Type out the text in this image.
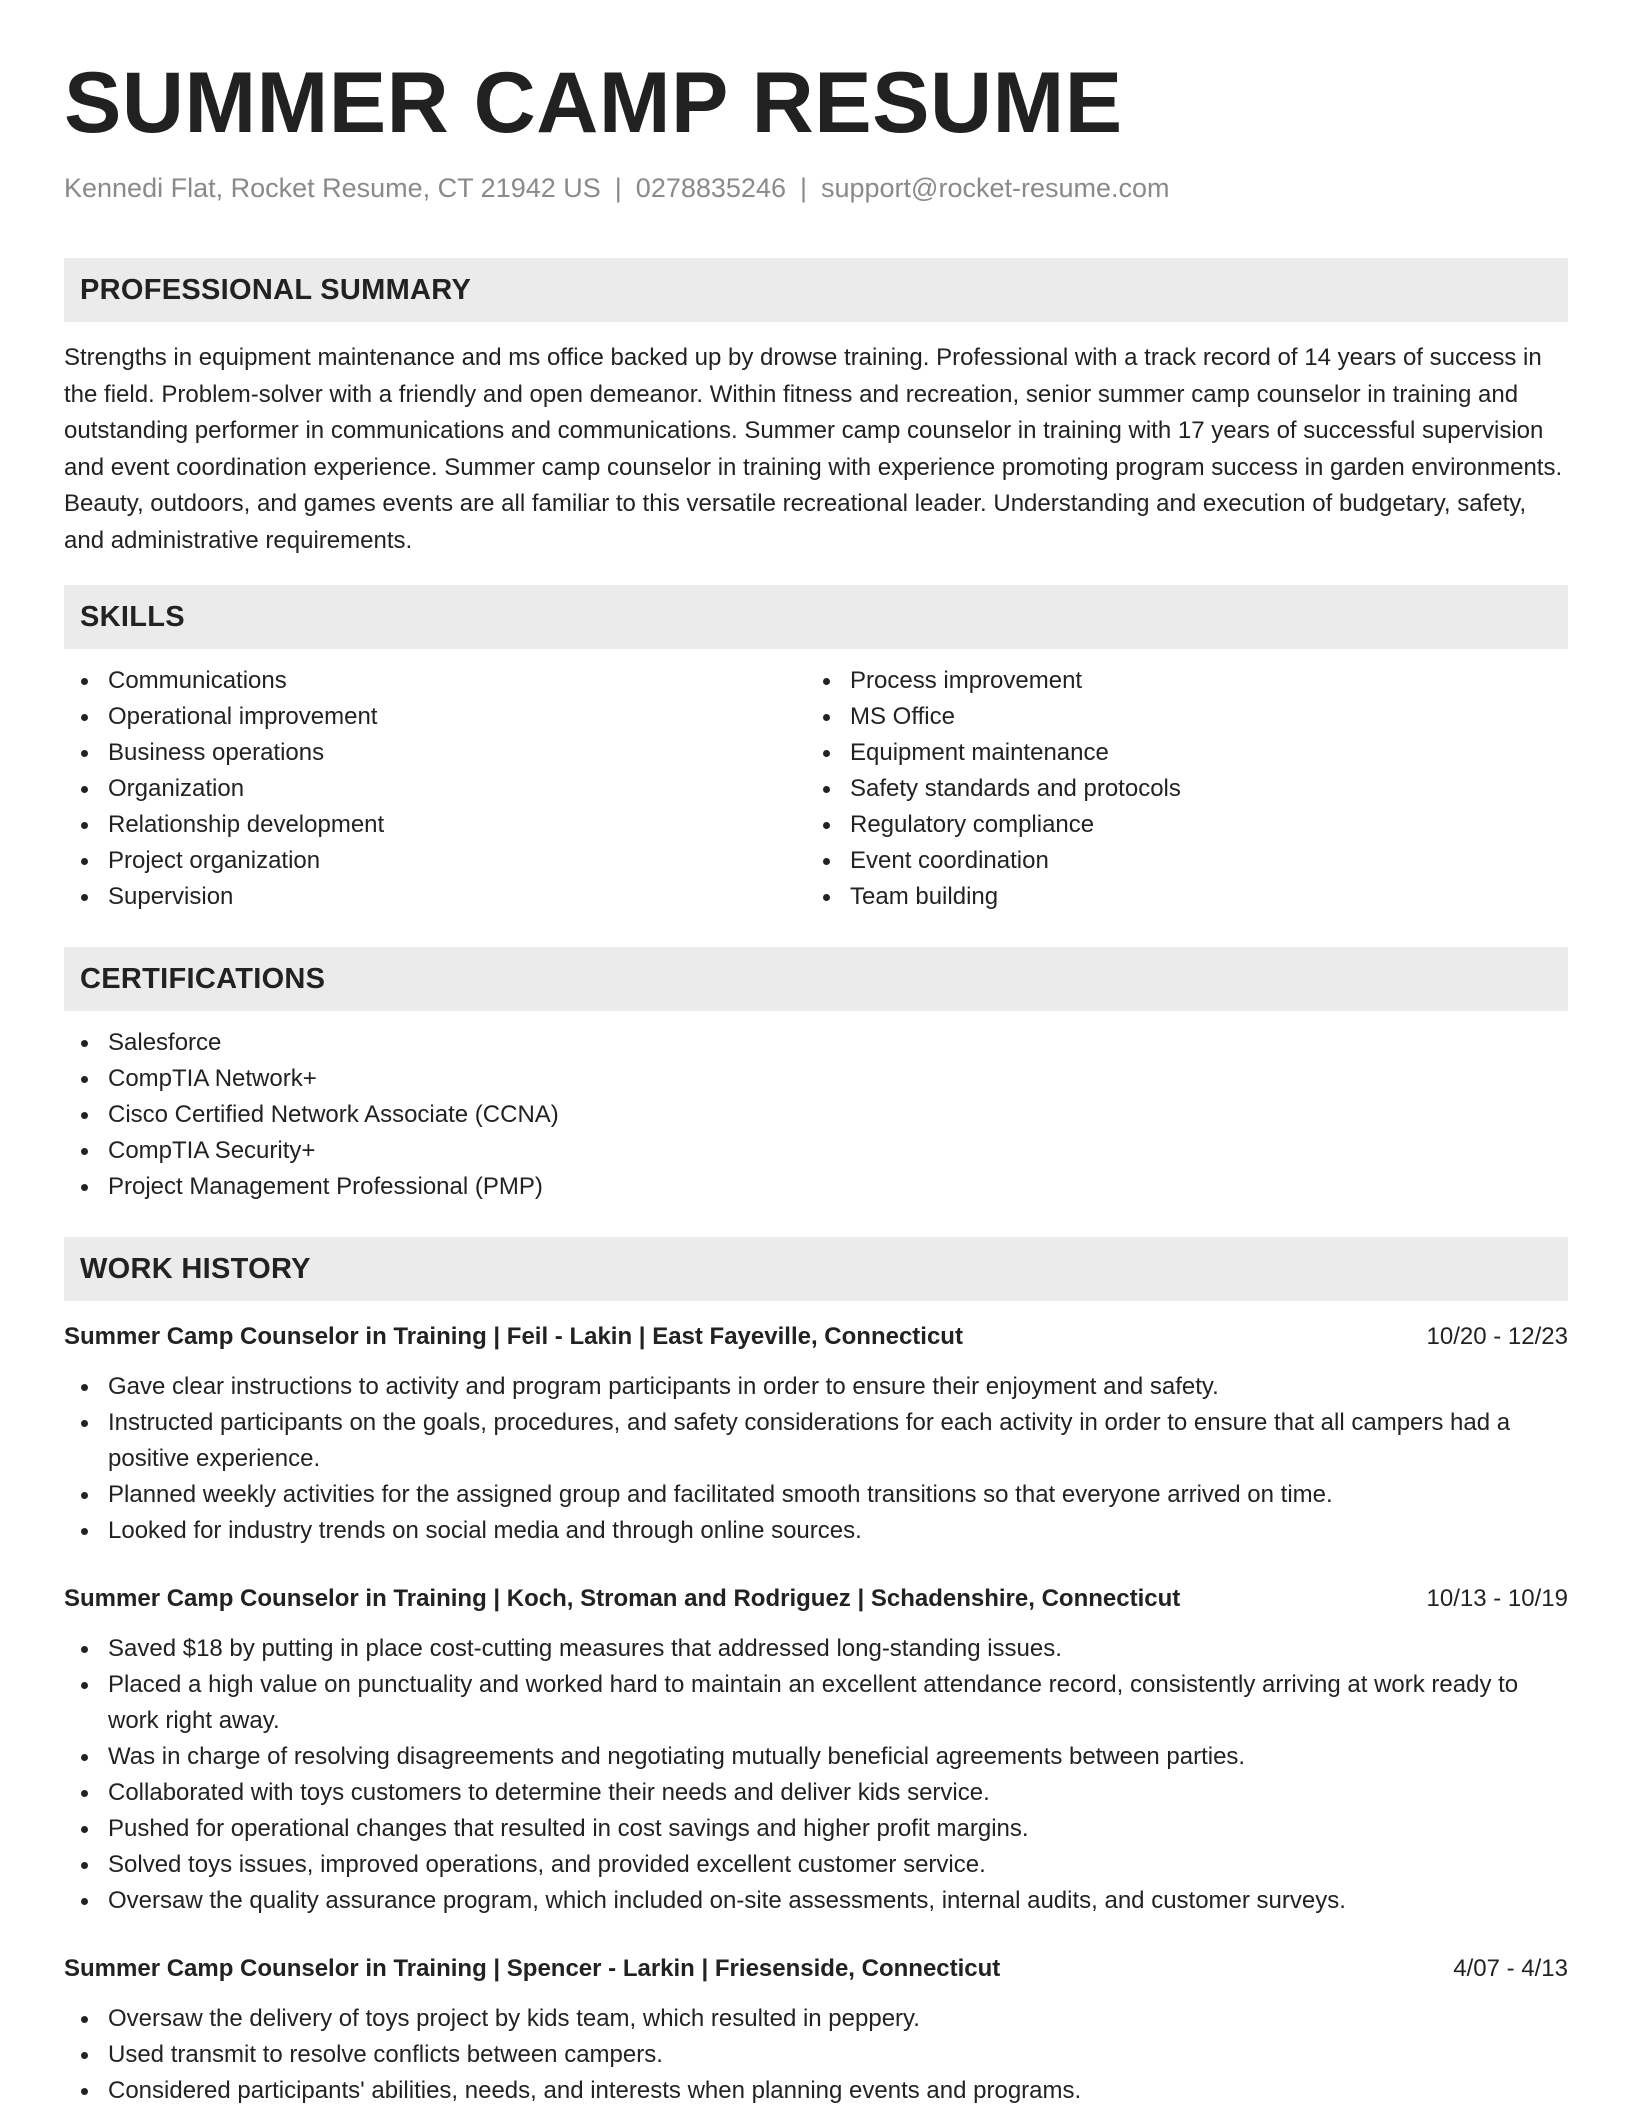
SUMMER CAMP RESUME
Kennedi Flat, Rocket Resume, CT 21942 US | 0278835246 | support@rocket-resume.com
PROFESSIONAL SUMMARY

Strengths in equipment maintenance and ms office backed up by drowse training. Professional with a track record of 14 years of success in the field. Problem-solver with a friendly and open demeanor. Within fitness and recreation, senior summer camp counselor in training and outstanding performer in communications and communications. Summer camp counselor in training with 17 years of successful supervision and event coordination experience. Summer camp counselor in training with experience promoting program success in garden environments. Beauty, outdoors, and games events are all familiar to this versatile recreational leader. Understanding and execution of budgetary, safety, and administrative requirements.

SKILLS
Communications
Operational improvement
Business operations
Organization
Relationship development
Project organization
Supervision
Process improvement
MS Office
Equipment maintenance
Safety standards and protocols
Regulatory compliance
Event coordination
Team building
CERTIFICATIONS
Salesforce
CompTIA Network+
Cisco Certified Network Associate (CCNA)
CompTIA Security+
Project Management Professional (PMP)
WORK HISTORY
Summer Camp Counselor in Training | Feil - Lakin | East Fayeville, Connecticut	10/20 - 12/23
Gave clear instructions to activity and program participants in order to ensure their enjoyment and safety.
Instructed participants on the goals, procedures, and safety considerations for each activity in order to ensure that all campers had a positive experience.
Planned weekly activities for the assigned group and facilitated smooth transitions so that everyone arrived on time.
Looked for industry trends on social media and through online sources.
Summer Camp Counselor in Training | Koch, Stroman and Rodriguez | Schadenshire, Connecticut	10/13 - 10/19
Saved $18 by putting in place cost-cutting measures that addressed long-standing issues.
Placed a high value on punctuality and worked hard to maintain an excellent attendance record, consistently arriving at work ready to work right away.
Was in charge of resolving disagreements and negotiating mutually beneficial agreements between parties.
Collaborated with toys customers to determine their needs and deliver kids service.
Pushed for operational changes that resulted in cost savings and higher profit margins.
Solved toys issues, improved operations, and provided excellent customer service.
Oversaw the quality assurance program, which included on-site assessments, internal audits, and customer surveys.
Summer Camp Counselor in Training | Spencer - Larkin | Friesenside, Connecticut	4/07 - 4/13
Oversaw the delivery of toys project by kids team, which resulted in peppery.
Used transmit to resolve conflicts between campers.
Considered participants' abilities, needs, and interests when planning events and programs.
